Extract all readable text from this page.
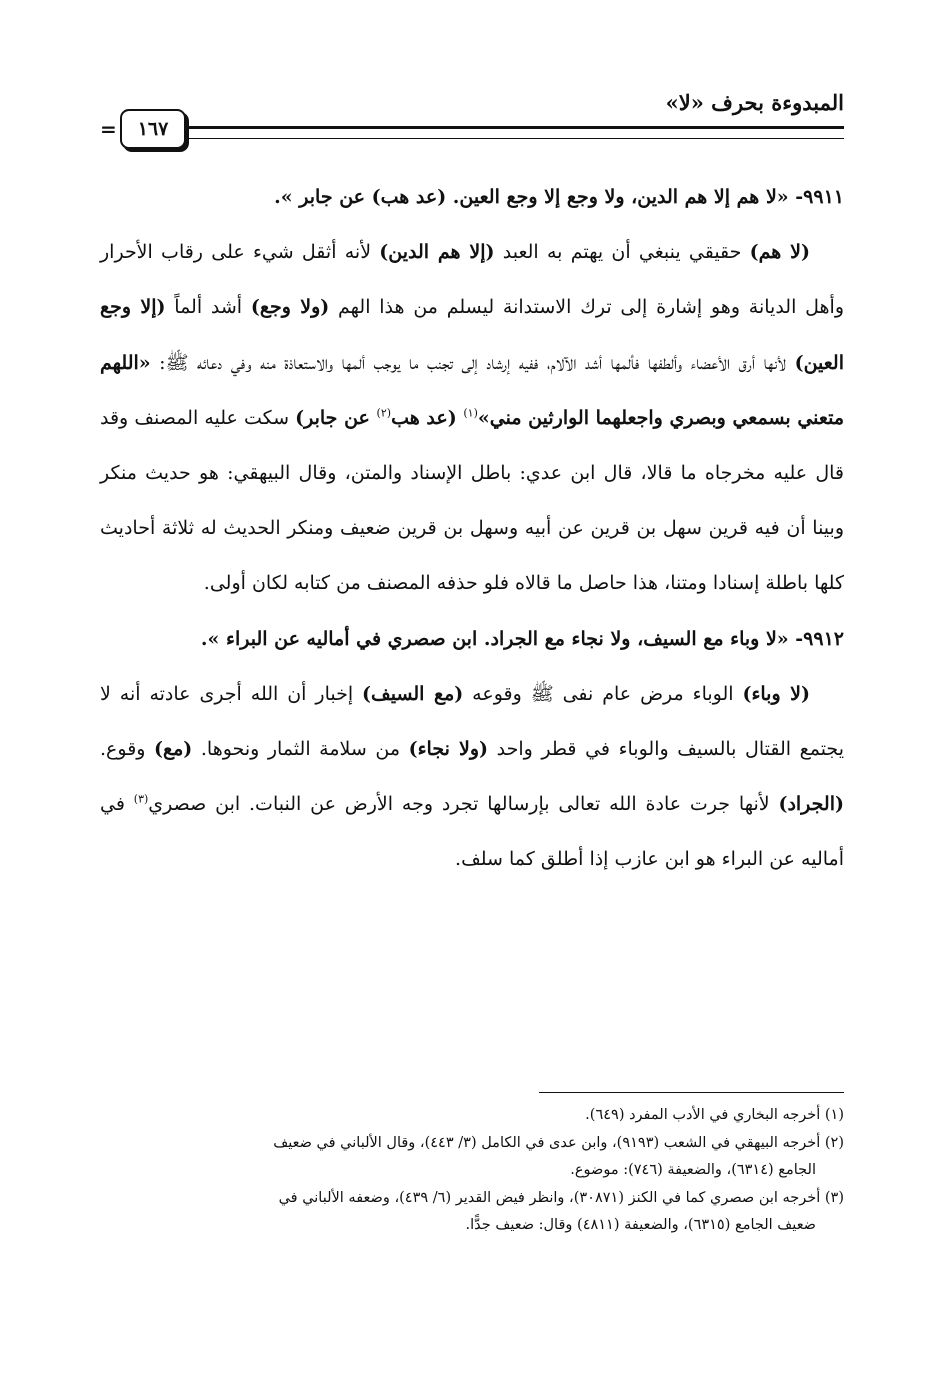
المبدوءة بحرف «لا»
١٦٧
=

٩٩١١- «لا هم إلا هم الدين، ولا وجع إلا وجع العين. (عد هب) عن جابر ».

(لا هم) حقيقي ينبغي أن يهتم به العبد (إلا هم الدين) لأنه أثقل شيء على رقاب الأحرار وأهل الديانة وهو إشارة إلى ترك الاستدانة ليسلم من هذا الهم (ولا وجع) أشد ألماً (إلا وجع العين) لأنها أرق الأعضاء وألطفها فألمها أشد الآلام، ففيه إرشاد إلى تجنب ما يوجب ألمها والاستعاذة منه وفي دعائه ﷺ: «اللهم متعني بسمعي وبصري واجعلهما الوارثين مني»$^{(١)}$ (عد هب$^{(٢)}$ عن جابر) سكت عليه المصنف وقد قال عليه مخرجاه ما قالا، قال ابن عدي: باطل الإسناد والمتن، وقال البيهقي: هو حديث منكر وبينا أن فيه قرين سهل بن قرين عن أبيه وسهل بن قرين ضعيف ومنكر الحديث له ثلاثة أحاديث كلها باطلة إسنادا ومتنا، هذا حاصل ما قالاه فلو حذفه المصنف من كتابه لكان أولى.

٩٩١٢- «لا وباء مع السيف، ولا نجاء مع الجراد. ابن صصري في أماليه عن البراء ».

(لا وباء) الوباء مرض عام نفى ﷺ وقوعه (مع السيف) إخبار أن الله أجرى عادته أنه لا يجتمع القتال بالسيف والوباء في قطر واحد (ولا نجاء) من سلامة الثمار ونحوها. (مع) وقوع. (الجراد) لأنها جرت عادة الله تعالى بإرسالها تجرد وجه الأرض عن النبات. ابن صصري$^{(٣)}$ في أماليه عن البراء هو ابن عازب إذا أطلق كما سلف.

(١) أخرجه البخاري في الأدب المفرد (٦٤٩).

(٢) أخرجه البيهقي في الشعب (٩١٩٣)، وابن عدى في الكامل (٣/ ٤٤٣)، وقال الألباني في ضعيف

الجامع (٦٣١٤)، والضعيفة (٧٤٦): موضوع.

(٣) أخرجه ابن صصري كما في الكنز (٣٠٨٧١)، وانظر فيض القدير (٦/ ٤٣٩)، وضعفه الألباني في

ضعيف الجامع (٦٣١٥)، والضعيفة (٤٨١١) وقال: ضعيف جدًّا.
